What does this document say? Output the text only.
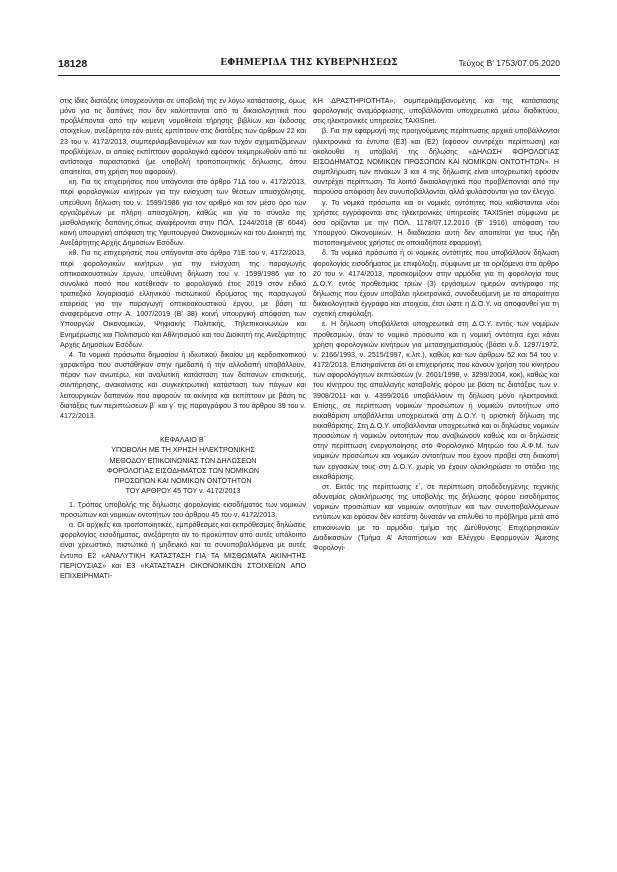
18128	ΕΦΗΜΕΡΙΔΑ ΤΗΣ ΚΥΒΕΡΝΗΣΕΩΣ	Τεύχος Β’ 1753/07.05.2020

στις ίδιες διατάξεις υποχρεούνται σε υποβολή της εν λόγω κατάστασης, όμως μόνο για τις δαπάνες που δεν καλύπτονται από τα δικαιολογητικά που προβλέπονται από την κείμενη νομοθεσία τήρησης βιβλίων και έκδοσης στοιχείων, ανεξάρτητα εάν αυτές εμπίπτουν στις διατάξεις των άρθρων 22 και 23 του ν. 4172/2013, συμπεριλαμβανομένων και των τυχόν σχηματιζόμενων προβλέψεων, οι οποίες εκπίπτουν φορολογικά εφόσον τεκμηριωθούν από τα αντίστοιχα παραστατικά (με υποβολή τροποποιητικής δήλωσης, όπου απαιτείται, στη χρήση που αφορούν).

κη. Για τις επιχειρήσεις που υπάγονται στο άρθρο 71Δ του ν. 4172/2013, περί φορολογικών κινήτρων για την ενίσχυση των θέσεων απασχόλησης, υπεύθυνη δήλωση του ν. 1599/1986 για τον αριθμό και τον μέσο όρο των εργαζομένων με πλήρη απασχόληση, καθώς και για το σύνολο της μισθολογικής δαπάνης,όπως αναφέρονται στην ΠΟΛ. 1244/2018 (Β’ 6044) κοινή υπουργική απόφαση της Υφυπουργού Οικονομικών και του Διοικητή της Ανεξάρτητης Αρχής Δημοσίων Εσόδων.

κθ. Για τις επιχειρήσεις που υπάγονται στο άρθρο 71Ε του ν. 4172/2013, περί φορολογικών κινήτρων για την ενίσχυση της παραγωγής οπτικοακουστικών έργων, υπεύθυνη δήλωση του ν. 1599/1986 για το συνολικό ποσό που κατέθεσαν το φορολογικό έτος 2019 στον ειδικό τραπεζικό λογαριασμό ελληνικού πιστωτικού ιδρύματος της παραγωγού εταιρείας για την παραγωγή οπτικοακουστικού έργου, με βάση τα αναφερόμενα στην Α. 1007/2019 (Β’ 38) κοινή υπουργική απόφαση των Υπουργών Οικονομικών, Ψηφιακής Πολιτικής, Τηλεπικοινωνιών και Ενημέρωσης και Πολιτισμού και Αθλητισμού και του Διοικητή της Ανεξάρτητης Αρχής Δημοσίων Εσόδων.

4. Τα νομικά πρόσωπα δημοσίου ή ιδιωτικού δικαίου μη κερδοσκοπικού χαρακτήρα που συστάθηκαν στην ημεδαπή ή την αλλοδαπή υποβάλλουν, πέραν των ανωτέρω, και αναλυτική κατάσταση των δαπανών επισκευής, συντήρησης, ανακαίνισης και συγκεκτρωτική κατάσταση των πάγιων και λειτουργικών δαπανών που αφορούν τα ακίνητα και εκπίπτουν με βάση τις διατάξεις των περιπτώσεων β΄ και γ΄ της παραγράφου 3 του άρθρου 39 του ν. 4172/2013.

ΚΕΦΑΛΑΙΟ Β΄
ΥΠΟΒΟΛΗ ΜΕ ΤΗ ΧΡΗΣΗ ΗΛΕΚΤΡΟΝΙΚΗΣ
ΜΕΘΟΔΟΥ ΕΠΙΚΟΙΝΩΝΙΑΣ ΤΩΝ ΔΗΛΩΣΕΩΝ
ΦΟΡΟΛΟΓΙΑΣ ΕΙΣΟΔΗΜΑΤΟΣ ΤΩΝ ΝΟΜΙΚΩΝ
ΠΡΟΣΩΠΩΝ ΚΑΙ ΝΟΜΙΚΩΝ ΟΝΤΟΤΗΤΩΝ
ΤΟΥ ΑΡΘΡΟΥ 45 ΤΟΥ ν. 4172/2013

1. Τρόπος υποβολής της δήλωσης φορολογίας εισοδήματος των νομικών προσώπων και νομικών οντοτήτων του άρθρου 45 του ν. 4172/2013.

α. Οι αρχικές και τροποποιητικές, εμπρόθεσμες και εκπρόθεσμες δηλώσεις φορολογίας εισοδήματος, ανεξάρτητα αν το προκύπτον από αυτές υπόλοιπο είναι χρεωστικό, πιστωτικό ή μηδενικό και τα συνυποβαλλόμενα με αυτές έντυπα Ε2 «ΑΝΑΛΥΤΙΚΗ ΚΑΤΑΣΤΑΣΗ ΓΙΑ ΤΑ ΜΙΣΘΩΜΑΤΑ ΑΚΙΝΗΤΗΣ ΠΕΡΙΟΥΣΙΑΣ» και Ε3 «ΚΑΤΑΣΤΑΣΗ ΟΙΚΟΝΟΜΙΚΩΝ ΣΤΟΙΧΕΙΩΝ ΑΠΟ ΕΠΙΧΕΙΡΗΜΑΤΙ-

ΚΗ ΔΡΑΣΤΗΡΙΟΤΗΤΑ», συμπεριλαμβανομένης και της κατάστασης φορολογικής αναμόρφωσης, υποβάλλονται υποχρεωτικά μέσω διαδικτύου, στις ηλεκτρονικές υπηρεσίες TAXISnet.

β. Για την εφαρμογή της προηγούμενης περίπτωσης αρχικά υποβάλλονται ηλεκτρονικά τα έντυπα (Ε3) και (Ε2) (εφόσον συντρέχει περίπτωση) και ακολουθεί η υποβολή της δήλωσης «ΔΗΛΩΣΗ ΦΟΡΟΛΟΓΙΑΣ ΕΙΣΟΔΗΜΑΤΟΣ ΝΟΜΙΚΩΝ ΠΡΟΣΩΠΩΝ ΚΑΙ ΝΟΜΙΚΩΝ ΟΝΤΟΤΗΤΩΝ». Η συμπλήρωση των πινάκων 3 και 4 της δήλωσης είναι υποχρεωτική εφόσον συντρέχει περίπτωση. Τα λοιπά δικαιολογητικά που προβλέπονται από την παρούσα απόφαση δεν συνυποβάλλονται, αλλά φυλάσσονται για τον έλεγχο.

γ. Τα νομικά πρόσωπα και οι νομικές οντότητες που καθίστανται νέοι χρήστες εγγράφονται στις ηλεκτρονικές υπηρεσίες TAXISnet σύμφωνα με όσα ορίζονται με την ΠΟΛ. 1178/07.12.2010 (Β’ 1916) απόφαση του Υπουργού Οικονομικών. Η διαδικασία αυτή δεν απαιτείται για τους ήδη πιστοποιημένους χρήστες σε οποιαδήποτε εφαρμογή.

δ. Τα νομικά πρόσωπα ή οι νομικές οντότητες που υποβάλλουν δήλωση φορολογίας εισοδήματος με επιφύλαξη, σύμφωνα με τα οριζόμενα στο άρθρο 20 του ν. 4174/2013, προσκομίζουν στην αρμόδια για τη φορολογία τους Δ.Ο.Υ. εντός προθεσμίας τριών (3) εργάσιμων ημερών αντίγραφο της δήλωσης που έχουν υποβάλει ηλεκτρονικά, συνοδευόμενη με τα απαραίτητα δικαιολογητικά έγγραφα και στοιχεία, έτσι ώστε η Δ.Ο.Υ. να αποφανθεί για τη σχετική επιφύλαξη.

ε. Η δήλωση υποβάλλεται υποχρεωτικά στη Δ.Ο.Υ. εντός των νομίμων προθεσμιών, όταν το νομικό πρόσωπο και η νομική οντότητα έχει κάνει χρήση φορολογικών κινήτρων για μετασχηματισμούς (βάσει ν.δ. 1297/1972, ν. 2166/1993, ν. 2515/1997, κ.λπ.), καθώς και των άρθρων 52 και 54 του ν. 4172/2013. Επισημαίνεται ότι οι επιχειρήσεις που κάνουν χρήση του κίνητρου των αφορολόγητων εκπτώσεων (ν. 2601/1998, ν. 3299/2004, κοκ), καθώς και του κίνητρου της απαλλαγής καταβολής φόρου με βάση τις διατάξεις των ν. 3908/2011 και ν. 4399/2016 υποβάλλουν τη δήλωση μόνο ηλεκτρονικά. Επίσης, σε περίπτωση νομικών προσώπων ή νομικών οντοτήτων υπό εκκαθάριση υποβάλλεται υποχρεωτικά στη Δ.Ο.Υ. η οριστική δήλωση της εκκαθάρισης. Στη Δ.Ο.Υ. υποβάλλονται υποχρεωτικά και οι δηλώσεις νομικών προσώπων ή νομικών οντοτήτων που αναβιώνουν καθώς και οι δηλώσεις στην περίπτωση ενεργοποίησης στο Φορολογικό Μητρώο του Α.Φ.Μ. των νομικών προσώπων και νομικών οντοτήτων που έχουν προβεί στη διακοπή των εργασιών τους στη Δ.Ο.Υ. χωρίς να έχουν ολοκληρώσει το στάδιο της εκκαθάρισης.

στ. Εκτός της περίπτωσης ε΄, σε περίπτωση αποδεδειγμένης τεχνικής αδυναμίας ολοκλήρωσης της υποβολής της δήλωσης φόρου εισοδήματος νομικών προσώπων και νομικών οντοτήτων και των συνυποβαλλόμενων εντύπων και εφόσον δεν κατέστη δυνατόν να επιλυθεί το πρόβλημα μετά από επικοινωνία με το αρμόδιο τμήμα της Διεύθυνσης Επιχειρησιακών Διαδικασιών (Τμήμα Α’ Απαιτήσεων και Ελέγχου Εφαρμογών Άμεσης Φορολογί-
